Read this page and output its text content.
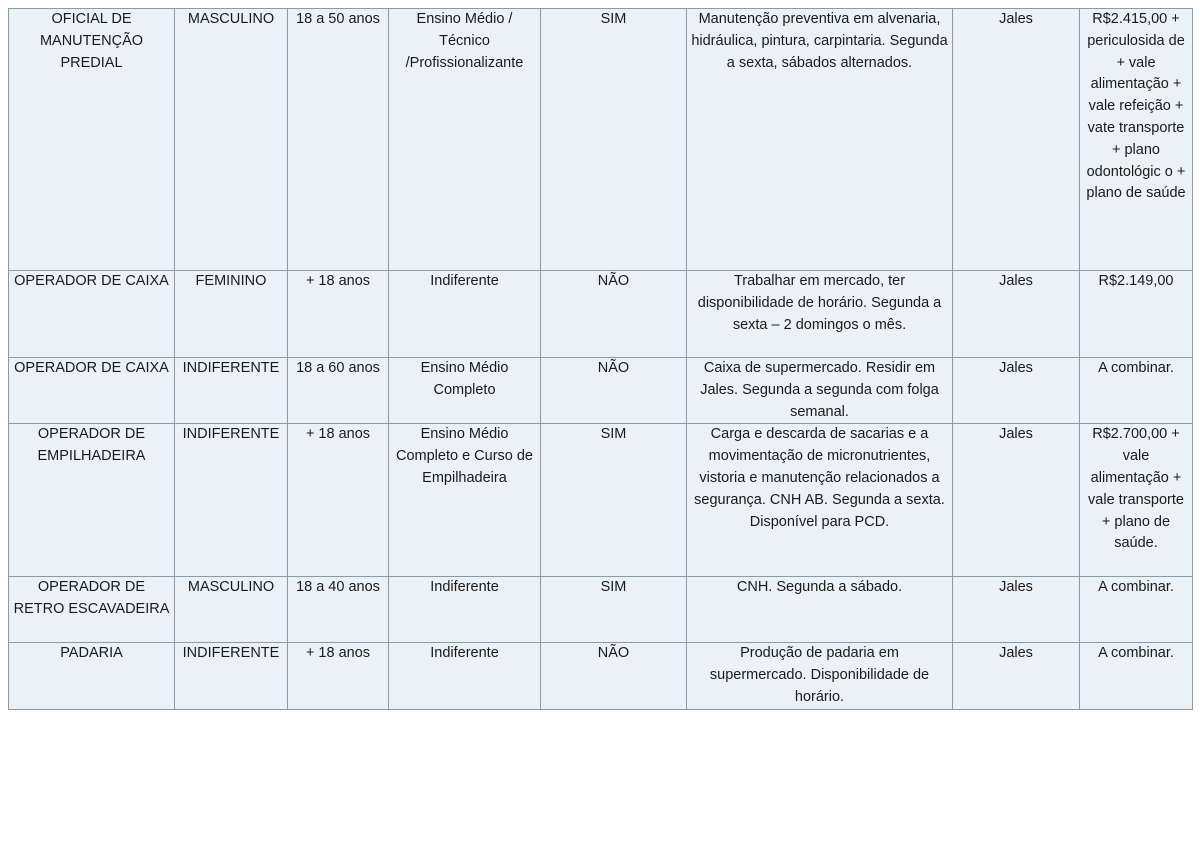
OFICIAL DE MANUTENÇÃO PREDIAL	MASCULINO	18 a 50 anos	Ensino Médio / Técnico /Profissionalizante	SIM	Manutenção preventiva em alvenaria, hidráulica, pintura, carpintaria. Segunda a sexta, sábados alternados.	Jales	R$2.415,00 + periculosida de + vale alimentação + vale refeição + vate transporte + plano odontológic o + plano de saúde

OPERADOR DE CAIXA	FEMININO	+ 18 anos	Indiferente	NÃO	Trabalhar em mercado, ter disponibilidade de horário. Segunda a sexta – 2 domingos o mês.	Jales	R$2.149,00

OPERADOR DE CAIXA	INDIFERENTE	18 a 60 anos	Ensino Médio Completo	NÃO	Caixa de supermercado. Residir em Jales. Segunda a segunda com folga semanal.	Jales	A combinar.

OPERADOR DE EMPILHADEIRA	INDIFERENTE	+ 18 anos	Ensino Médio Completo e Curso de Empilhadeira	SIM	Carga e descarda de sacarias e a movimentação de micronutrientes, vistoria e manutenção relacionados a segurança. CNH AB. Segunda a sexta. Disponível para PCD.	Jales	R$2.700,00 + vale alimentação + vale transporte + plano de saúde.

OPERADOR DE RETRO ESCAVADEIRA	MASCULINO	18 a 40 anos	Indiferente	SIM	CNH. Segunda a sábado.	Jales	A combinar.

PADARIA	INDIFERENTE	+ 18 anos	Indiferente	NÃO	Produção de padaria em supermercado. Disponibilidade de horário.	Jales	A combinar.
